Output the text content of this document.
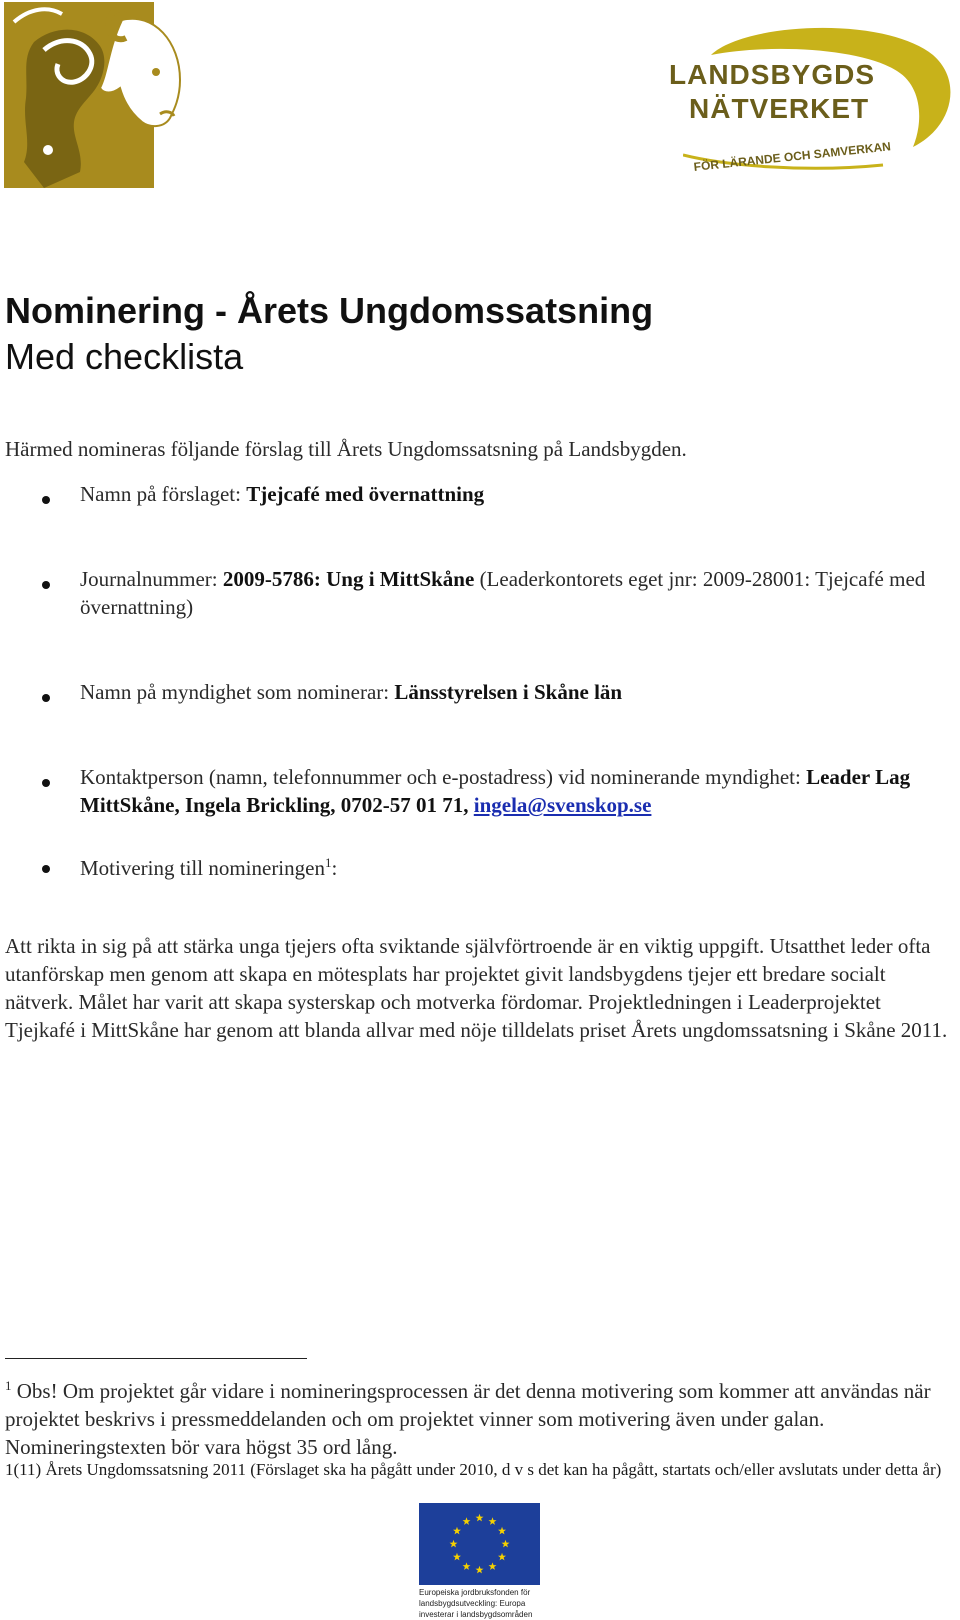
LANDSBYGDS
NÄTVERKET
FÖR LÄRANDE OCH SAMVERKAN
Nominering - Årets Ungdomssatsning
Med checklista
Härmed nomineras följande förslag till Årets Ungdomssatsning på Landsbygden.
Namn på förslaget: Tjejcafé med övernattning
Journalnummer: 2009-5786: Ung i MittSkåne (Leaderkontorets eget jnr: 2009-28001: Tjejcafé med övernattning)
Namn på myndighet som nominerar: Länsstyrelsen i Skåne län
Kontaktperson (namn, telefonnummer och e-postadress) vid nominerande myndighet: Leader Lag MittSkåne, Ingela Brickling, 0702-57 01 71, ingela@svenskop.se
Motivering till nomineringen$^1$:
Att rikta in sig på att stärka unga tjejers ofta sviktande självförtroende är en viktig uppgift. Utsatthet leder ofta utanförskap men genom att skapa en mötesplats har projektet givit landsbygdens tjejer ett bredare socialt nätverk. Målet har varit att skapa systerskap och motverka fördomar. Projektledningen i Leaderprojektet Tjejkafé i MittSkåne har genom att blanda allvar med nöje tilldelats priset Årets ungdomssatsning i Skåne 2011.
$^1$ Obs! Om projektet går vidare i nomineringsprocessen är det denna motivering som kommer att användas när projektet beskrivs i pressmeddelanden och om projektet vinner som motivering även under galan. Nomineringstexten bör vara högst 35 ord lång.
1(11) Årets Ungdomssatsning 2011 (Förslaget ska ha pågått under 2010, d v s det kan ha pågått, startats och/eller avslutats under detta år)
Europeiska jordbruksfonden för landsbygdsutveckling: Europa investerar i landsbygdsområden
